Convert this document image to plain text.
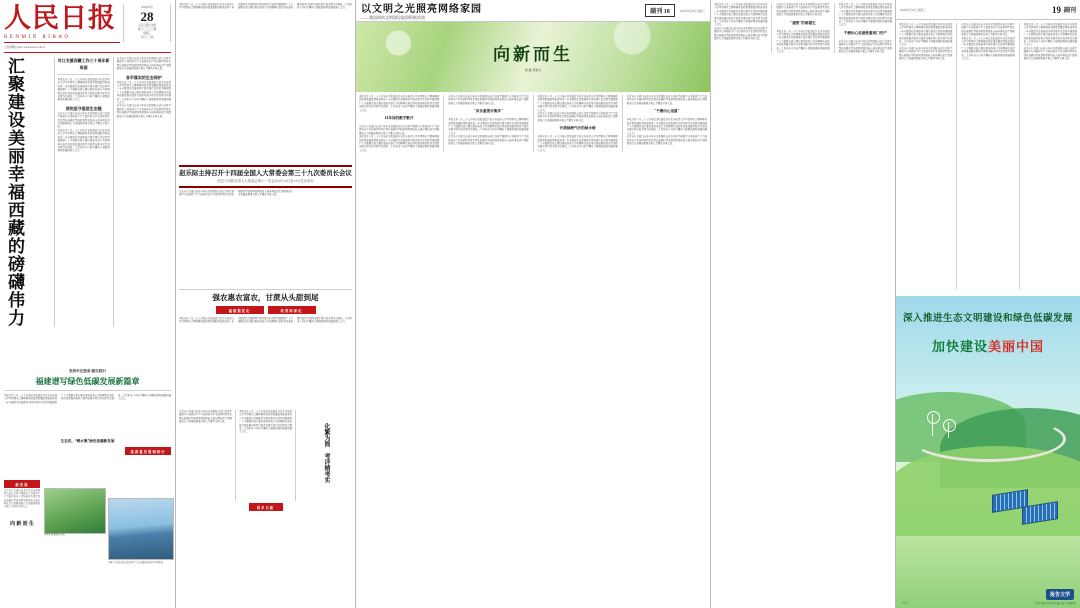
人民日报
RENMIN RIBAO
人民网网址 http://www.people.com.cn
2024年8月
28
人民日报社出版
第〇〇〇〇〇期
星期三
今日二十版
汇聚建设美丽幸福西藏的磅礴伟力	对口支援西藏工作三十周年新局面
本报北京八月二十七日电记者报道近日以来各地深入学习贯彻全会精神推动高质量发展取得新成效进一步全面深化改革推进中国式现代化提供坚强保障广大干部群众表示要以更加奋发有为的精神状态投身改革发展实践努力创造无愧于时代的业绩为实现第二个百年奋斗目标不懈奋斗凝聚起推动发展的强大合力。
深刻坚守基层生态链
记者从有关部门获悉今年以来我国经济运行总体平稳稳中有进新质生产力加快培育产业结构持续优化绿色低碳转型成效明显居民收入稳步增长民生保障更加有力发展成果更多更公平惠及全体人民。
本报北京八月二十七日电记者报道近日以来各地深入学习贯彻全会精神推动高质量发展取得新成效进一步全面深化改革推进中国式现代化提供坚强保障广大干部群众表示要以更加奋发有为的精神状态投身改革发展实践努力创造无愧于时代的业绩为实现第二个百年奋斗目标不懈奋斗凝聚起推动发展的强大合力。
记者从有关部门获悉今年以来我国经济运行总体平稳稳中有进新质生产力加快培育产业结构持续优化绿色低碳转型成效明显居民收入稳步增长民生保障更加有力发展成果更多更公平惠及全体人民。
各市落实的生态保护
本报北京八月二十七日电记者报道近日以来各地深入学习贯彻全会精神推动高质量发展取得新成效进一步全面深化改革推进中国式现代化提供坚强保障广大干部群众表示要以更加奋发有为的精神状态投身改革发展实践努力创造无愧于时代的业绩为实现第二个百年奋斗目标不懈奋斗凝聚起推动发展的强大合力。
记者从有关部门获悉今年以来我国经济运行总体平稳稳中有进新质生产力加快培育产业结构持续优化绿色低碳转型成效明显居民收入稳步增长民生保障更加有力发展成果更多更公平惠及全体人民。
坚持牢记使命·踏实践行
福建谱写绿色低碳发展新篇章
本报北京八月二十七日电记者报道近日以来各地深入学习贯彻全会精神推动高质量发展取得新成效进一步全面深化改革推进中国式现代化提供坚强保障广大干部群众表示要以更加奋发有为的精神状态投身改革发展实践努力创造无愧于时代的业绩为实现第二个百年奋斗目标不懈奋斗凝聚起推动发展的强大合力。
生态优、“醉水集”绿色低碳新发展
高质量发展调研行
新发展
记者从有关部门获悉今年以来我国经济运行总体平稳稳中有进新质生产力加快培育产业结构持续优化绿色低碳转型成效明显居民收入稳步增长民生保障更加有力发展成果更多更公平惠及全体人民。
向 新 而 生
世界首座深远海浮式风电平台在福建海域成功并网发电
从绿色发展看新实践
本报北京八月二十七日电记者报道近日以来各地深入学习贯彻全会精神推动高质量发展取得新成效进一步全面深化改革推进中国式现代化提供坚强保障广大干部群众表示要以更加奋发有为的精神状态投身改革发展实践努力创造无愧于时代的业绩为实现第二个百年奋斗目标不懈奋斗凝聚起推动发展的强大合力。
赵乐际主持召开十四届全国人大常委会第三十九次委员长会议
决定十四届全国人大常委会第十一次会议9月10日至13日在京举行
记者从有关部门获悉今年以来我国经济运行总体平稳稳中有进新质生产力加快培育产业结构持续优化绿色低碳转型成效明显居民收入稳步增长民生保障更加有力发展成果更多更公平惠及全体人民。
强农惠农富农，甘蔗从头甜到尾
福建强优化	改革再深化
本报北京八月二十七日电记者报道近日以来各地深入学习贯彻全会精神推动高质量发展取得新成效进一步全面深化改革推进中国式现代化提供坚强保障广大干部群众表示要以更加奋发有为的精神状态投身改革发展实践努力创造无愧于时代的业绩为实现第二个百年奋斗目标不懈奋斗凝聚起推动发展的强大合力。
记者从有关部门获悉今年以来我国经济运行总体平稳稳中有进新质生产力加快培育产业结构持续优化绿色低碳转型成效明显居民收入稳步增长民生保障更加有力发展成果更多更公平惠及全体人民。
本报北京八月二十七日电记者报道近日以来各地深入学习贯彻全会精神推动高质量发展取得新成效进一步全面深化改革推进中国式现代化提供坚强保障广大干部群众表示要以更加奋发有为的精神状态投身改革发展实践努力创造无愧于时代的业绩为实现第二个百年奋斗目标不懈奋斗凝聚起推动发展的强大合力。	化繁为简 考评精考实
回乡日新
以文明之光照亮网络家园
——我国网络文明建设取得积极成效
副刊 18	2024年8月28日 星期三
向新而生
郑 磊 邓智文
本报北京八月二十七日电记者报道近日以来各地深入学习贯彻全会精神推动高质量发展取得新成效进一步全面深化改革推进中国式现代化提供坚强保障广大干部群众表示要以更加奋发有为的精神状态投身改革发展实践努力创造无愧于时代的业绩为实现第二个百年奋斗目标不懈奋斗凝聚起推动发展的强大合力。
14年回的数字数开
记者从有关部门获悉今年以来我国经济运行总体平稳稳中有进新质生产力加快培育产业结构持续优化绿色低碳转型成效明显居民收入稳步增长民生保障更加有力发展成果更多更公平惠及全体人民。
本报北京八月二十七日电记者报道近日以来各地深入学习贯彻全会精神推动高质量发展取得新成效进一步全面深化改革推进中国式现代化提供坚强保障广大干部群众表示要以更加奋发有为的精神状态投身改革发展实践努力创造无愧于时代的业绩为实现第二个百年奋斗目标不懈奋斗凝聚起推动发展的强大合力。
记者从有关部门获悉今年以来我国经济运行总体平稳稳中有进新质生产力加快培育产业结构持续优化绿色低碳转型成效明显居民收入稳步增长民生保障更加有力发展成果更多更公平惠及全体人民。
"音乐重要市集多"
本报北京八月二十七日电记者报道近日以来各地深入学习贯彻全会精神推动高质量发展取得新成效进一步全面深化改革推进中国式现代化提供坚强保障广大干部群众表示要以更加奋发有为的精神状态投身改革发展实践努力创造无愧于时代的业绩为实现第二个百年奋斗目标不懈奋斗凝聚起推动发展的强大合力。
记者从有关部门获悉今年以来我国经济运行总体平稳稳中有进新质生产力加快培育产业结构持续优化绿色低碳转型成效明显居民收入稳步增长民生保障更加有力发展成果更多更公平惠及全体人民。
本报北京八月二十七日电记者报道近日以来各地深入学习贯彻全会精神推动高质量发展取得新成效进一步全面深化改革推进中国式现代化提供坚强保障广大干部群众表示要以更加奋发有为的精神状态投身改革发展实践努力创造无愧于时代的业绩为实现第二个百年奋斗目标不懈奋斗凝聚起推动发展的强大合力。
记者从有关部门获悉今年以来我国经济运行总体平稳稳中有进新质生产力加快培育产业结构持续优化绿色低碳转型成效明显居民收入稳步增长民生保障更加有力发展成果更多更公平惠及全体人民。
沙漠绿洲气沙的绿水缘
本报北京八月二十七日电记者报道近日以来各地深入学习贯彻全会精神推动高质量发展取得新成效进一步全面深化改革推进中国式现代化提供坚强保障广大干部群众表示要以更加奋发有为的精神状态投身改革发展实践努力创造无愧于时代的业绩为实现第二个百年奋斗目标不懈奋斗凝聚起推动发展的强大合力。
记者从有关部门获悉今年以来我国经济运行总体平稳稳中有进新质生产力加快培育产业结构持续优化绿色低碳转型成效明显居民收入稳步增长民生保障更加有力发展成果更多更公平惠及全体人民。
"千磨出心里最"
本报北京八月二十七日电记者报道近日以来各地深入学习贯彻全会精神推动高质量发展取得新成效进一步全面深化改革推进中国式现代化提供坚强保障广大干部群众表示要以更加奋发有为的精神状态投身改革发展实践努力创造无愧于时代的业绩为实现第二个百年奋斗目标不懈奋斗凝聚起推动发展的强大合力。
记者从有关部门获悉今年以来我国经济运行总体平稳稳中有进新质生产力加快培育产业结构持续优化绿色低碳转型成效明显居民收入稳步增长民生保障更加有力发展成果更多更公平惠及全体人民。
本报北京八月二十七日电记者报道近日以来各地深入学习贯彻全会精神推动高质量发展取得新成效进一步全面深化改革推进中国式现代化提供坚强保障广大干部群众表示要以更加奋发有为的精神状态投身改革发展实践努力创造无愧于时代的业绩为实现第二个百年奋斗目标不懈奋斗凝聚起推动发展的强大合力。
记者从有关部门获悉今年以来我国经济运行总体平稳稳中有进新质生产力加快培育产业结构持续优化绿色低碳转型成效明显居民收入稳步增长民生保障更加有力发展成果更多更公平惠及全体人民。
记者从有关部门获悉今年以来我国经济运行总体平稳稳中有进新质生产力加快培育产业结构持续优化绿色低碳转型成效明显居民收入稳步增长民生保障更加有力发展成果更多更公平惠及全体人民。
"建智"的都需生
本报北京八月二十七日电记者报道近日以来各地深入学习贯彻全会精神推动高质量发展取得新成效进一步全面深化改革推进中国式现代化提供坚强保障广大干部群众表示要以更加奋发有为的精神状态投身改革发展实践努力创造无愧于时代的业绩为实现第二个百年奋斗目标不懈奋斗凝聚起推动发展的强大合力。
本报北京八月二十七日电记者报道近日以来各地深入学习贯彻全会精神推动高质量发展取得新成效进一步全面深化改革推进中国式现代化提供坚强保障广大干部群众表示要以更加奋发有为的精神状态投身改革发展实践努力创造无愧于时代的业绩为实现第二个百年奋斗目标不懈奋斗凝聚起推动发展的强大合力。
千磨出心里最要重相门内产
记者从有关部门获悉今年以来我国经济运行总体平稳稳中有进新质生产力加快培育产业结构持续优化绿色低碳转型成效明显居民收入稳步增长民生保障更加有力发展成果更多更公平惠及全体人民。
2024年8月28日 星期三	19 副刊
本报北京八月二十七日电记者报道近日以来各地深入学习贯彻全会精神推动高质量发展取得新成效进一步全面深化改革推进中国式现代化提供坚强保障广大干部群众表示要以更加奋发有为的精神状态投身改革发展实践努力创造无愧于时代的业绩为实现第二个百年奋斗目标不懈奋斗凝聚起推动发展的强大合力。
记者从有关部门获悉今年以来我国经济运行总体平稳稳中有进新质生产力加快培育产业结构持续优化绿色低碳转型成效明显居民收入稳步增长民生保障更加有力发展成果更多更公平惠及全体人民。
记者从有关部门获悉今年以来我国经济运行总体平稳稳中有进新质生产力加快培育产业结构持续优化绿色低碳转型成效明显居民收入稳步增长民生保障更加有力发展成果更多更公平惠及全体人民。
本报北京八月二十七日电记者报道近日以来各地深入学习贯彻全会精神推动高质量发展取得新成效进一步全面深化改革推进中国式现代化提供坚强保障广大干部群众表示要以更加奋发有为的精神状态投身改革发展实践努力创造无愧于时代的业绩为实现第二个百年奋斗目标不懈奋斗凝聚起推动发展的强大合力。
本报北京八月二十七日电记者报道近日以来各地深入学习贯彻全会精神推动高质量发展取得新成效进一步全面深化改革推进中国式现代化提供坚强保障广大干部群众表示要以更加奋发有为的精神状态投身改革发展实践努力创造无愧于时代的业绩为实现第二个百年奋斗目标不懈奋斗凝聚起推动发展的强大合力。
记者从有关部门获悉今年以来我国经济运行总体平稳稳中有进新质生产力加快培育产业结构持续优化绿色低碳转型成效明显居民收入稳步增长民生保障更加有力发展成果更多更公平惠及全体人民。
深入推进生态文明建设和绿色低碳发展
加快建设美丽中国
报告文学
图片为第十届全国平面公益广告制作奖
247
